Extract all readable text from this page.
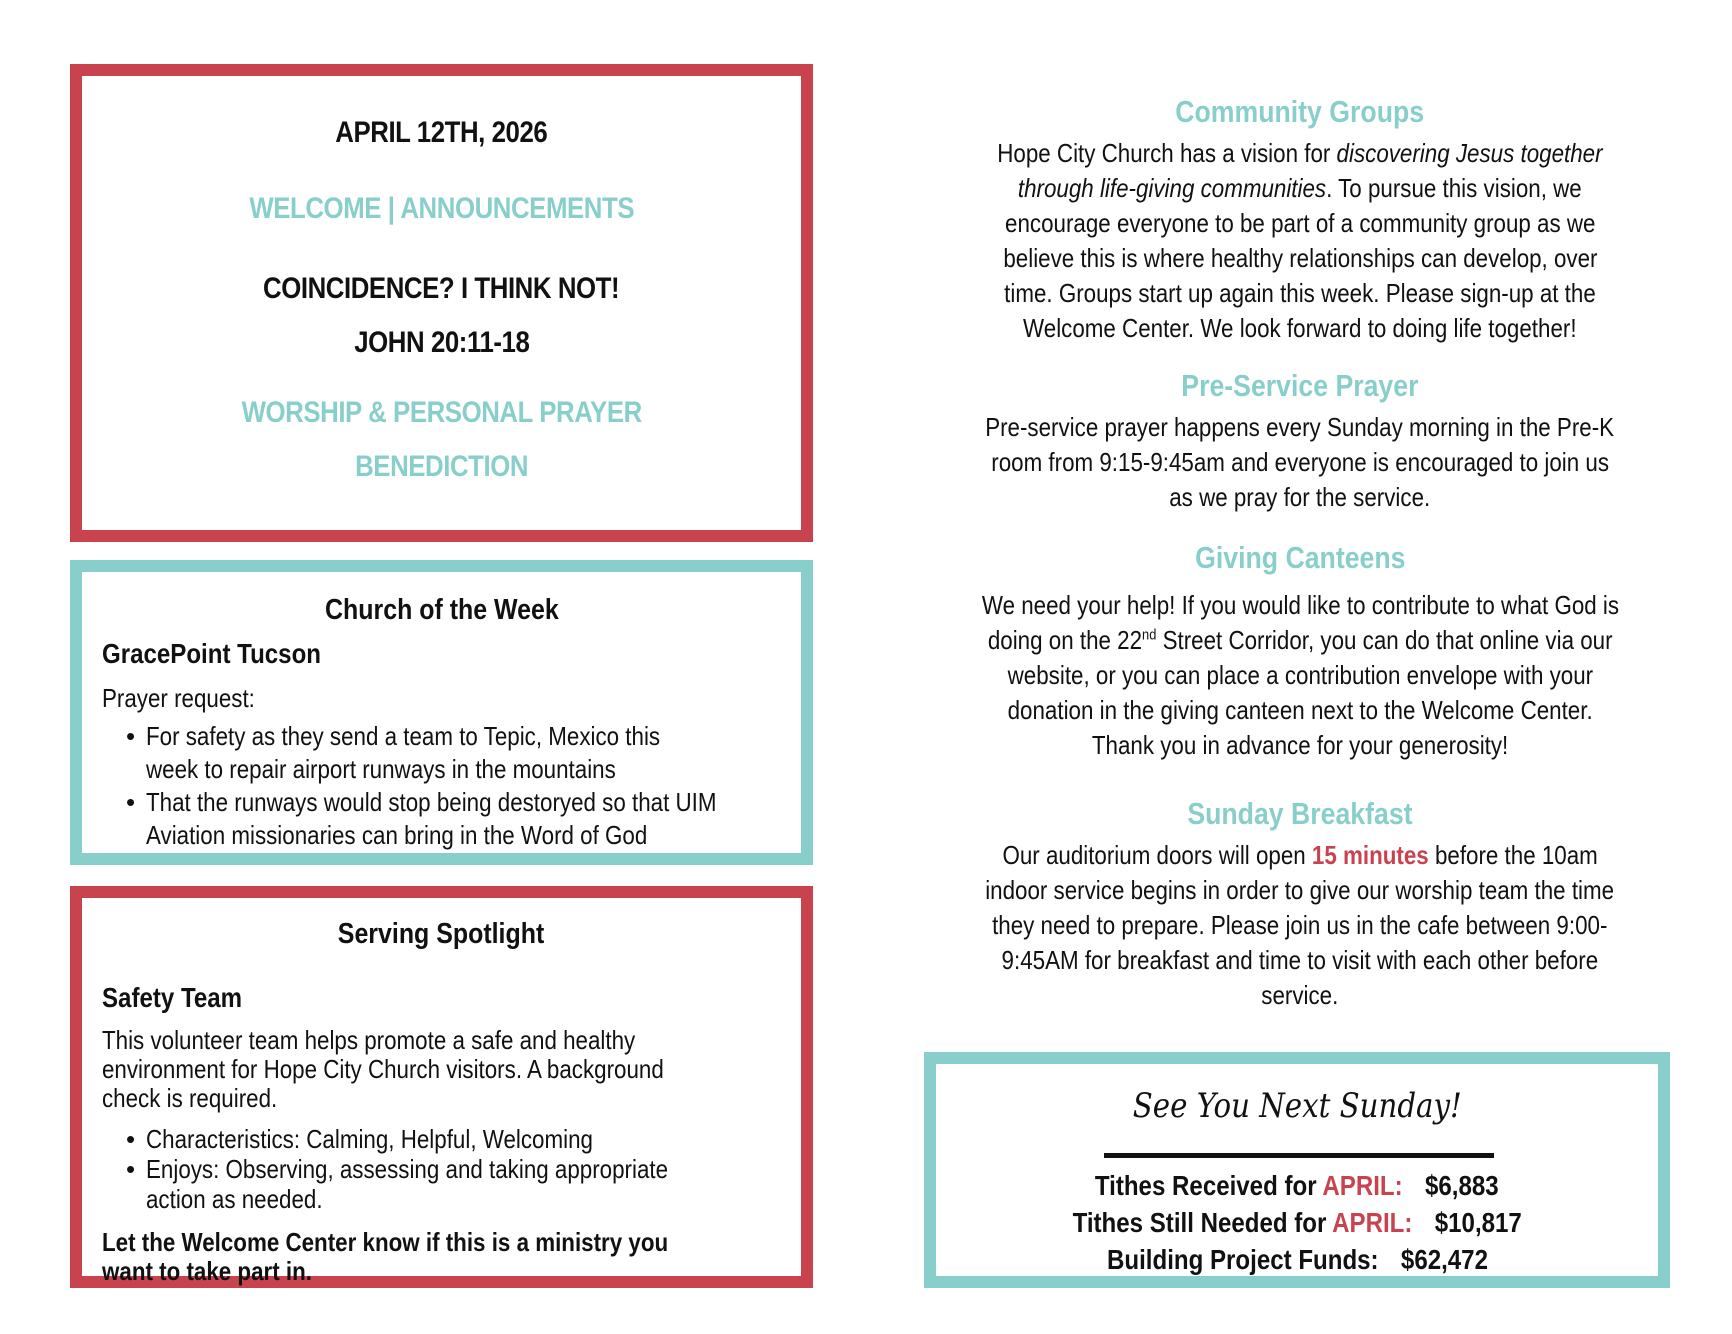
APRIL 12TH, 2026
WELCOME | ANNOUNCEMENTS
COINCIDENCE? I THINK NOT!
JOHN 20:11-18
WORSHIP & PERSONAL PRAYER
BENEDICTION
Church of the Week
GracePoint Tucson
Prayer request:
• For safety as they send a team to Tepic, Mexico this
week to repair airport runways in the mountains
• That the runways would stop being destoryed so that UIM
Aviation missionaries can bring in the Word of God
Serving Spotlight
Safety Team
This volunteer team helps promote a safe and healthy
environment for Hope City Church visitors. A background
check is required.
• Characteristics: Calming, Helpful, Welcoming
• Enjoys: Observing, assessing and taking appropriate
action as needed.
Let the Welcome Center know if this is a ministry you
want to take part in.
Community Groups

Hope City Church has a vision for discovering Jesus together
through life-giving communities. To pursue this vision, we
encourage everyone to be part of a community group as we
believe this is where healthy relationships can develop, over
time. Groups start up again this week. Please sign-up at the
Welcome Center. We look forward to doing life together!

Pre-Service Prayer

Pre-service prayer happens every Sunday morning in the Pre-K
room from 9:15-9:45am and everyone is encouraged to join us
as we pray for the service.

Giving Canteens

We need your help! If you would like to contribute to what God is
doing on the 22nd Street Corridor, you can do that online via our
website, or you can place a contribution envelope with your
donation in the giving canteen next to the Welcome Center.
Thank you in advance for your generosity!

Sunday Breakfast

Our auditorium doors will open 15 minutes before the 10am
indoor service begins in order to give our worship team the time
they need to prepare. Please join us in the cafe between 9:00-
9:45AM for breakfast and time to visit with each other before
service.

See You Next Sunday!
Tithes Received for APRIL: $6,883
Tithes Still Needed for APRIL: $10,817
Building Project Funds: $62,472
